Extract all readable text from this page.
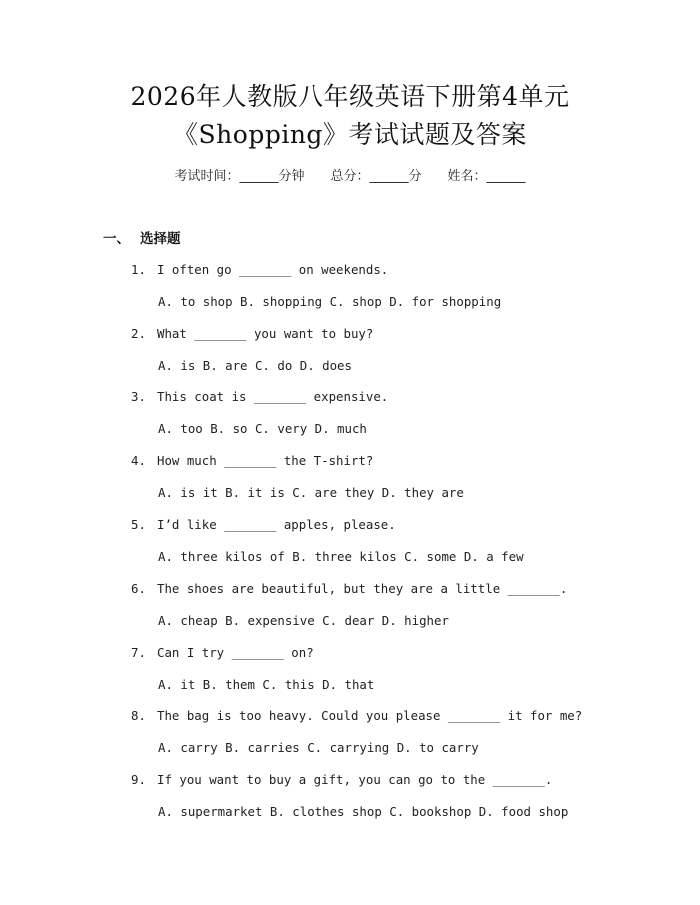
2026年人教版八年级英语下册第4单元
《Shopping》考试试题及答案
考试时间：______分钟 总分：______分 姓名：______
一、 选择题
1. I often go _______ on weekends.
A. to shop B. shopping C. shop D. for shopping
2. What _______ you want to buy?
A. is B. are C. do D. does
3. This coat is _______ expensive.
A. too B. so C. very D. much
4. How much _______ the T-shirt?
A. is it B. it is C. are they D. they are
5. I’d like _______ apples, please.
A. three kilos of B. three kilos C. some D. a few
6. The shoes are beautiful, but they are a little _______.
A. cheap B. expensive C. dear D. higher
7. Can I try _______ on?
A. it B. them C. this D. that
8. The bag is too heavy. Could you please _______ it for me?
A. carry B. carries C. carrying D. to carry
9. If you want to buy a gift, you can go to the _______.
A. supermarket B. clothes shop C. bookshop D. food shop
